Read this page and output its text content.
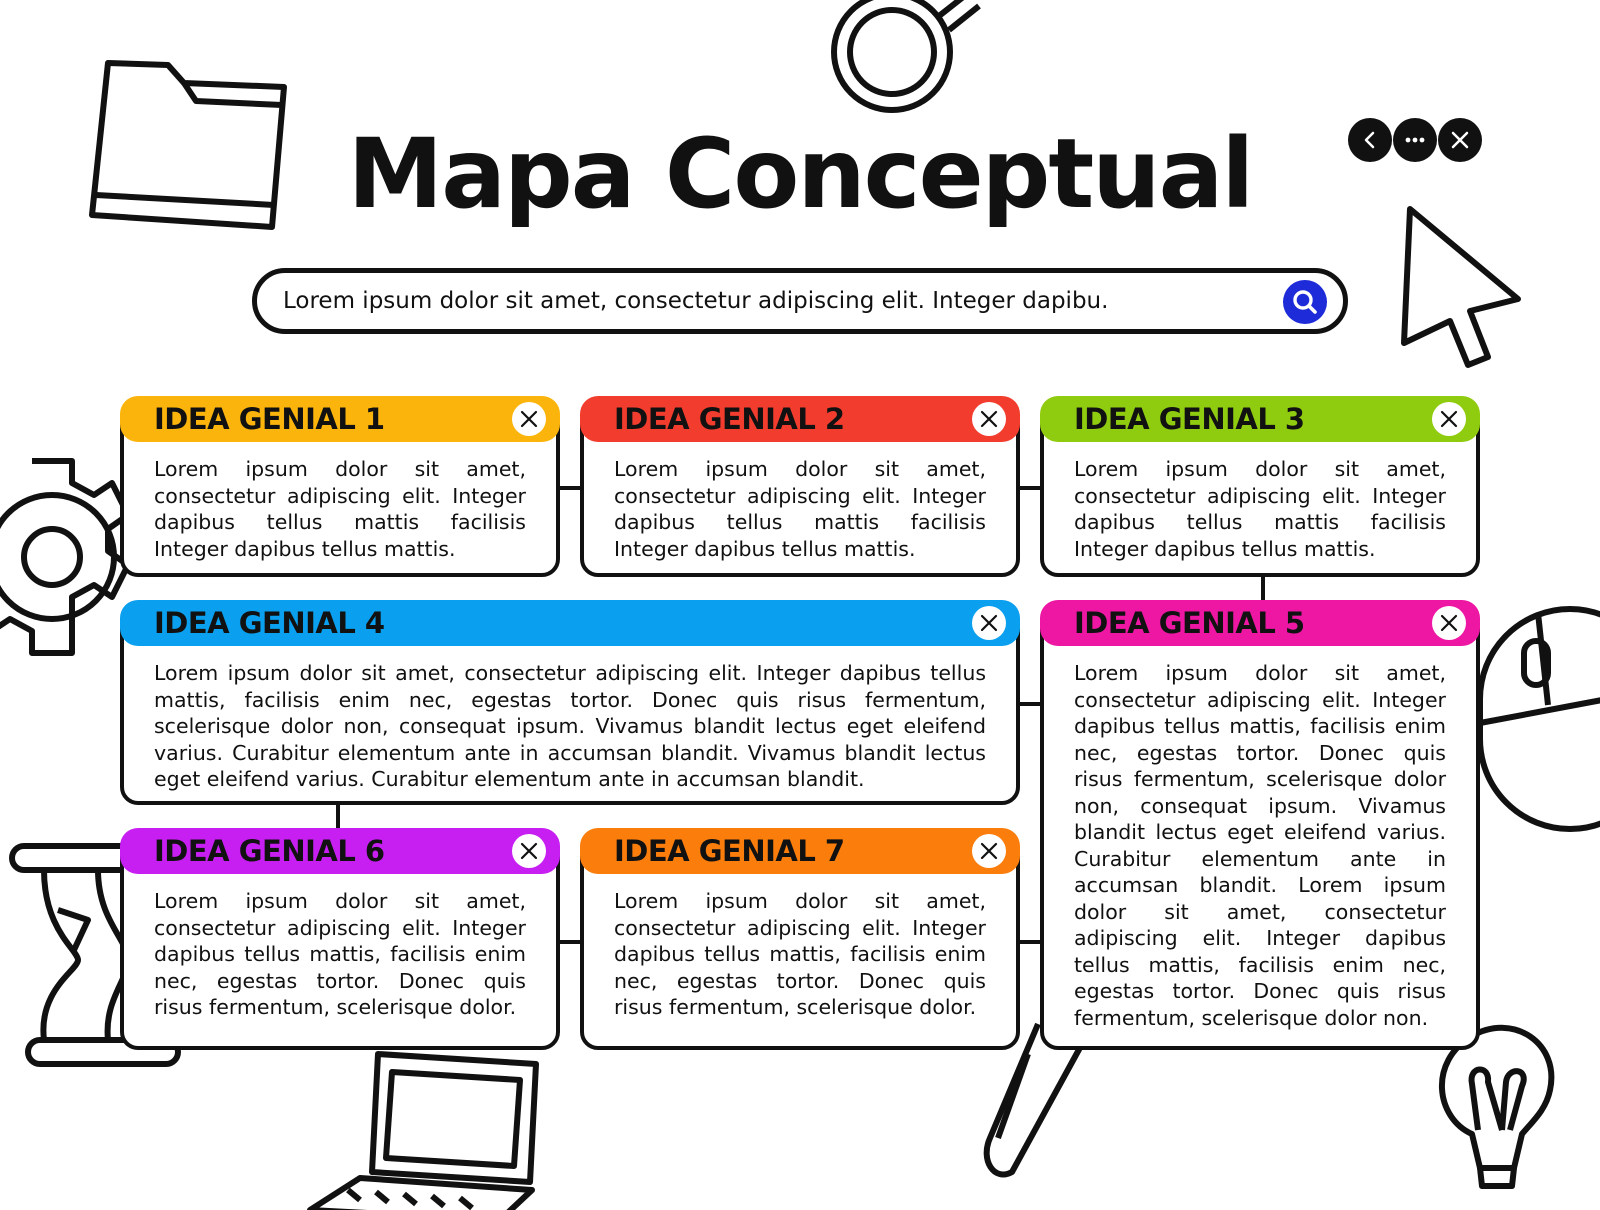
Mapa Conceptual
Lorem ipsum dolor sit amet, consectetur adipiscing elit. Integer dapibu.
Lorem ipsum dolor sit amet, consectetur adipiscing elit. Integer dapibus tellus mattis facilisis Integer dapibus tellus mattis.
IDEA GENIAL 1
Lorem ipsum dolor sit amet, consectetur adipiscing elit. Integer dapibus tellus mattis facilisis Integer dapibus tellus mattis.
IDEA GENIAL 2
Lorem ipsum dolor sit amet, consectetur adipiscing elit. Integer dapibus tellus mattis facilisis Integer dapibus tellus mattis.
IDEA GENIAL 3
Lorem ipsum dolor sit amet, consectetur adipiscing elit. Integer dapibus tellus mattis, facilisis enim nec, egestas tortor. Donec quis risus fermentum, scelerisque dolor non, consequat ipsum. Vivamus blandit lectus eget eleifend varius. Curabitur elementum ante in accumsan blandit. Vivamus blandit lectus eget eleifend varius. Curabitur elementum ante in accumsan blandit.
IDEA GENIAL 4
Lorem ipsum dolor sit amet, consectetur adipiscing elit. Integer dapibus tellus mattis, facilisis enim nec, egestas tortor. Donec quis risus fermentum, scelerisque dolor non, consequat ipsum. Vivamus blandit lectus eget eleifend varius. Curabitur elementum ante in accumsan blandit. Lorem ipsum dolor sit amet, consectetur adipiscing elit. Integer dapibus tellus mattis, facilisis enim nec, egestas tortor. Donec quis risus fermentum, scelerisque dolor non.
IDEA GENIAL 5
Lorem ipsum dolor sit amet, consectetur adipiscing elit. Integer dapibus tellus mattis, facilisis enim nec, egestas tortor. Donec quis risus fermentum, scelerisque dolor.
IDEA GENIAL 6
Lorem ipsum dolor sit amet, consectetur adipiscing elit. Integer dapibus tellus mattis, facilisis enim nec, egestas tortor. Donec quis risus fermentum, scelerisque dolor.
IDEA GENIAL 7
